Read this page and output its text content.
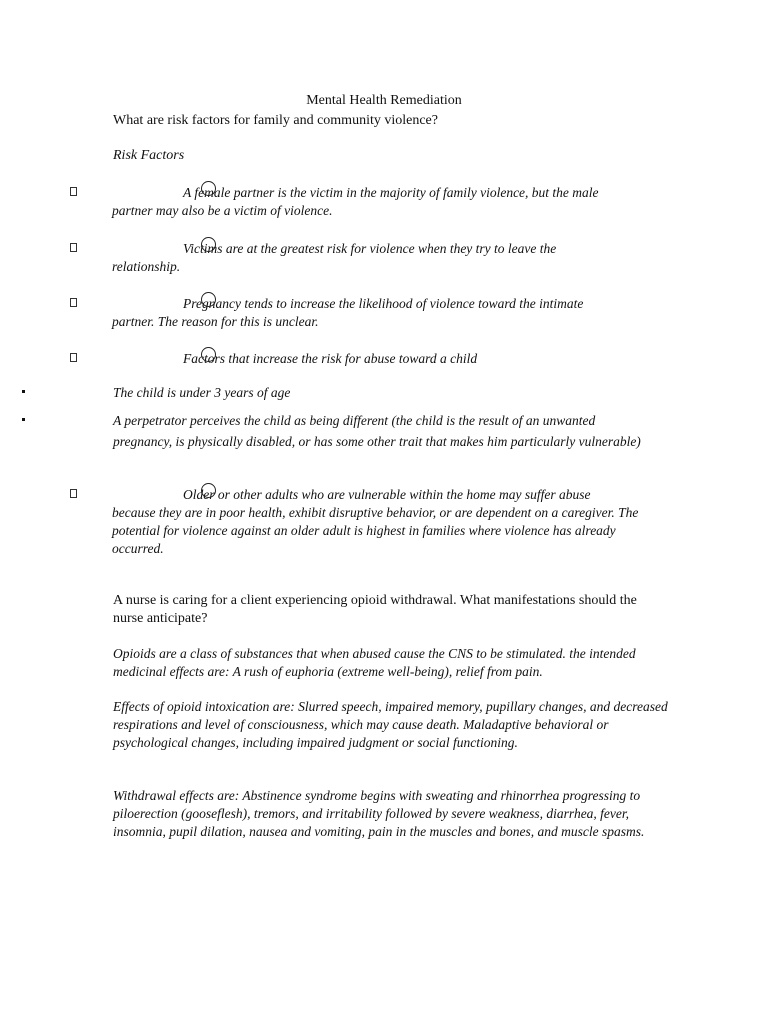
Mental Health Remediation
What are risk factors for family and community violence?
Risk Factors
A female partner is the victim in the majority of family violence, but the male
partner may also be a victim of violence.
Victims are at the greatest risk for violence when they try to leave the
relationship.
Pregnancy tends to increase the likelihood of violence toward the intimate
partner. The reason for this is unclear.
Factors that increase the risk for abuse toward a child
The child is under 3 years of age
A perpetrator perceives the child as being different (the child is the result of an unwanted pregnancy, is physically disabled, or has some other trait that makes him particularly vulnerable)
Older or other adults who are vulnerable within the home may suffer abuse
because they are in poor health, exhibit disruptive behavior, or are dependent on a caregiver. The potential for violence against an older adult is highest in families where violence has already occurred.
A nurse is caring for a client experiencing opioid withdrawal. What manifestations should the nurse anticipate?
Opioids are a class of substances that when abused cause the CNS to be stimulated. the intended medicinal effects are: A rush of euphoria (extreme well-being), relief from pain.
Effects of opioid intoxication are: Slurred speech, impaired memory, pupillary changes, and decreased respirations and level of consciousness, which may cause death. Maladaptive behavioral or psychological changes, including impaired judgment or social functioning.
Withdrawal effects are: Abstinence syndrome begins with sweating and rhinorrhea progressing to piloerection (gooseflesh), tremors, and irritability followed by severe weakness, diarrhea, fever, insomnia, pupil dilation, nausea and vomiting, pain in the muscles and bones, and muscle spasms.
